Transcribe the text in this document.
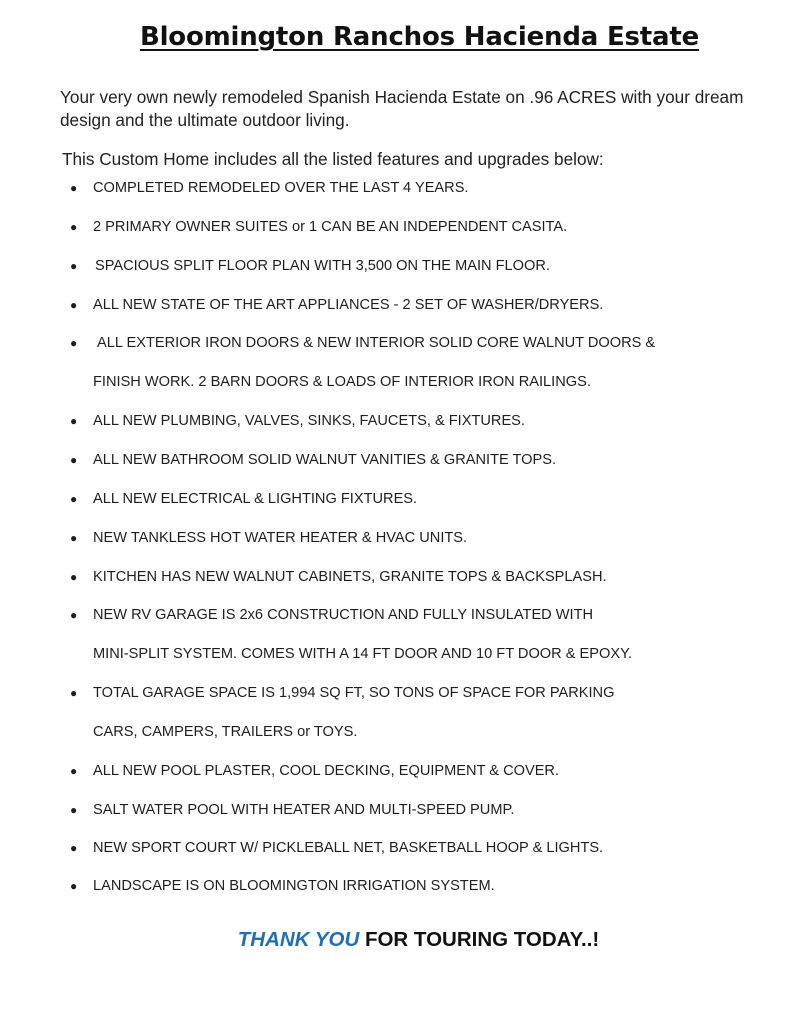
Bloomington Ranchos Hacienda Estate
Your very own newly remodeled Spanish Hacienda Estate on .96 ACRES with your dream design and the ultimate outdoor living.
This Custom Home includes all the listed features and upgrades below:
● COMPLETED REMODELED OVER THE LAST 4 YEARS.
● 2 PRIMARY OWNER SUITES or 1 CAN BE AN INDEPENDENT CASITA.
● SPACIOUS SPLIT FLOOR PLAN WITH 3,500 ON THE MAIN FLOOR.
● ALL NEW STATE OF THE ART APPLIANCES - 2 SET OF WASHER/DRYERS.
● ALL EXTERIOR IRON DOORS & NEW INTERIOR SOLID CORE WALNUT DOORS &
FINISH WORK. 2 BARN DOORS & LOADS OF INTERIOR IRON RAILINGS.
● ALL NEW PLUMBING, VALVES, SINKS, FAUCETS, & FIXTURES.
● ALL NEW BATHROOM SOLID WALNUT VANITIES & GRANITE TOPS.
● ALL NEW ELECTRICAL & LIGHTING FIXTURES.
● NEW TANKLESS HOT WATER HEATER & HVAC UNITS.
● KITCHEN HAS NEW WALNUT CABINETS, GRANITE TOPS & BACKSPLASH.
● NEW RV GARAGE IS 2x6 CONSTRUCTION AND FULLY INSULATED WITH
MINI-SPLIT SYSTEM. COMES WITH A 14 FT DOOR AND 10 FT DOOR & EPOXY.
● TOTAL GARAGE SPACE IS 1,994 SQ FT, SO TONS OF SPACE FOR PARKING
CARS, CAMPERS, TRAILERS or TOYS.
● ALL NEW POOL PLASTER, COOL DECKING, EQUIPMENT & COVER.
● SALT WATER POOL WITH HEATER AND MULTI-SPEED PUMP.
● NEW SPORT COURT W/ PICKLEBALL NET, BASKETBALL HOOP & LIGHTS.
● LANDSCAPE IS ON BLOOMINGTON IRRIGATION SYSTEM.
THANK YOU FOR TOURING TODAY..!
